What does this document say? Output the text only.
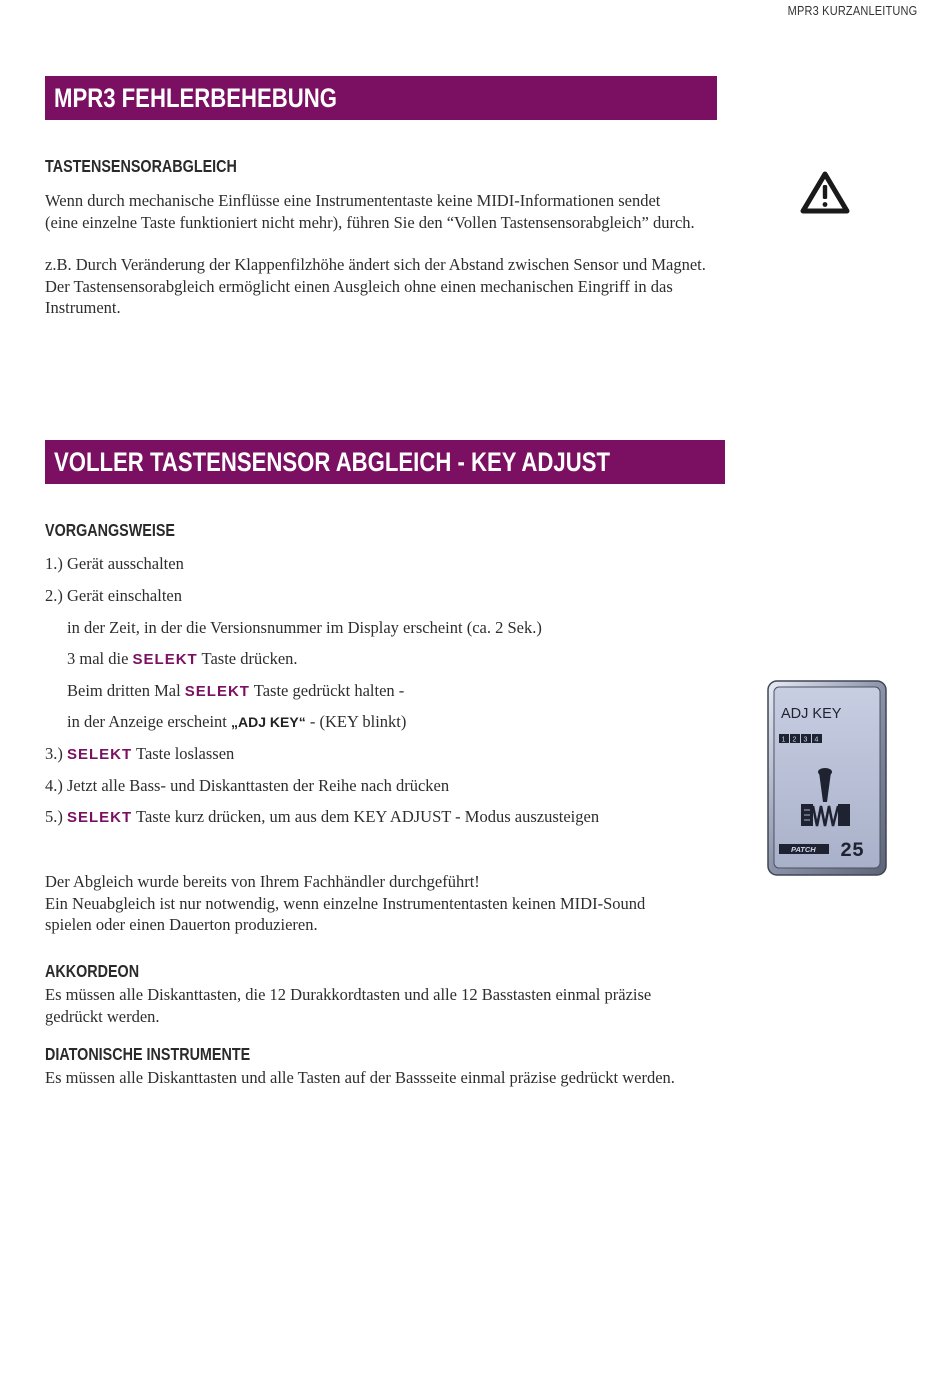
MPR3 KURZANLEITUNG
MPR3 FEHLERBEHEBUNG
TASTENSENSORABGLEICH
Wenn durch mechanische Einflüsse eine Instrumententaste keine MIDI-Informationen sendet
(eine einzelne Taste funktioniert nicht mehr), führen Sie den “Vollen Tastensensorabgleich” durch.
z.B. Durch Veränderung der Klappenfilzhöhe ändert sich der Abstand zwischen Sensor und Magnet.
Der Tastensensorabgleich ermöglicht einen Ausgleich ohne einen mechanischen Eingriff in das
Instrument.
VOLLER TASTENSENSOR ABGLEICH - KEY ADJUST
VORGANGSWEISE
1.) Gerät ausschalten
2.) Gerät einschalten
in der Zeit, in der die Versionsnummer im Display erscheint (ca. 2 Sek.)
3 mal die SELEKT Taste drücken.
Beim dritten Mal SELEKT Taste gedrückt halten -
in der Anzeige erscheint „ADJ KEY“ - (KEY blinkt)
3.) SELEKT Taste loslassen
4.) Jetzt alle Bass- und Diskanttasten der Reihe nach drücken
5.) SELEKT Taste kurz drücken, um aus dem KEY ADJUST - Modus auszusteigen
Der Abgleich wurde bereits von Ihrem Fachhändler durchgeführt!
Ein Neuabgleich ist nur notwendig, wenn einzelne Instrumententasten keinen MIDI-Sound
spielen oder einen Dauerton produzieren.
AKKORDEON
Es müssen alle Diskanttasten, die 12 Durakkordtasten und alle 12 Basstasten einmal präzise
gedrückt werden.
DIATONISCHE INSTRUMENTE
Es müssen alle Diskanttasten und alle Tasten auf der Bassseite einmal präzise gedrückt werden.
ADJ KEY
1 2 3 4
PATCH 25
